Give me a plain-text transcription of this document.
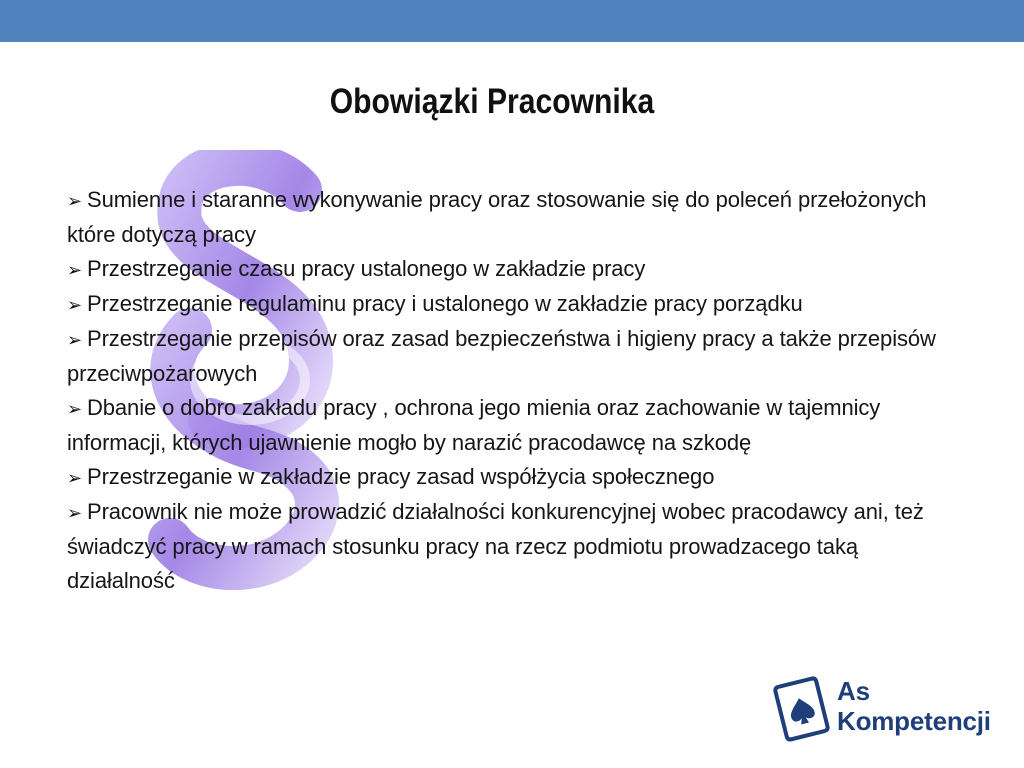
Obowiązki Pracownika
➢ Sumienne i staranne wykonywanie pracy oraz stosowanie się do poleceń przełożonych które dotyczą pracy
➢ Przestrzeganie czasu pracy ustalonego w zakładzie pracy
➢ Przestrzeganie regulaminu pracy i ustalonego w zakładzie pracy porządku
➢ Przestrzeganie przepisów oraz zasad bezpieczeństwa i higieny pracy a także przepisów przeciwpożarowych
➢ Dbanie o dobro zakładu pracy , ochrona jego mienia oraz zachowanie w tajemnicy informacji, których ujawnienie mogło by narazić pracodawcę na szkodę
➢ Przestrzeganie w zakładzie pracy zasad współżycia społecznego
➢ Pracownik nie może prowadzić działalności konkurencyjnej wobec pracodawcy ani, też świadczyć pracy w ramach stosunku pracy na rzecz podmiotu prowadzacego taką działalność
As
Kompetencji
